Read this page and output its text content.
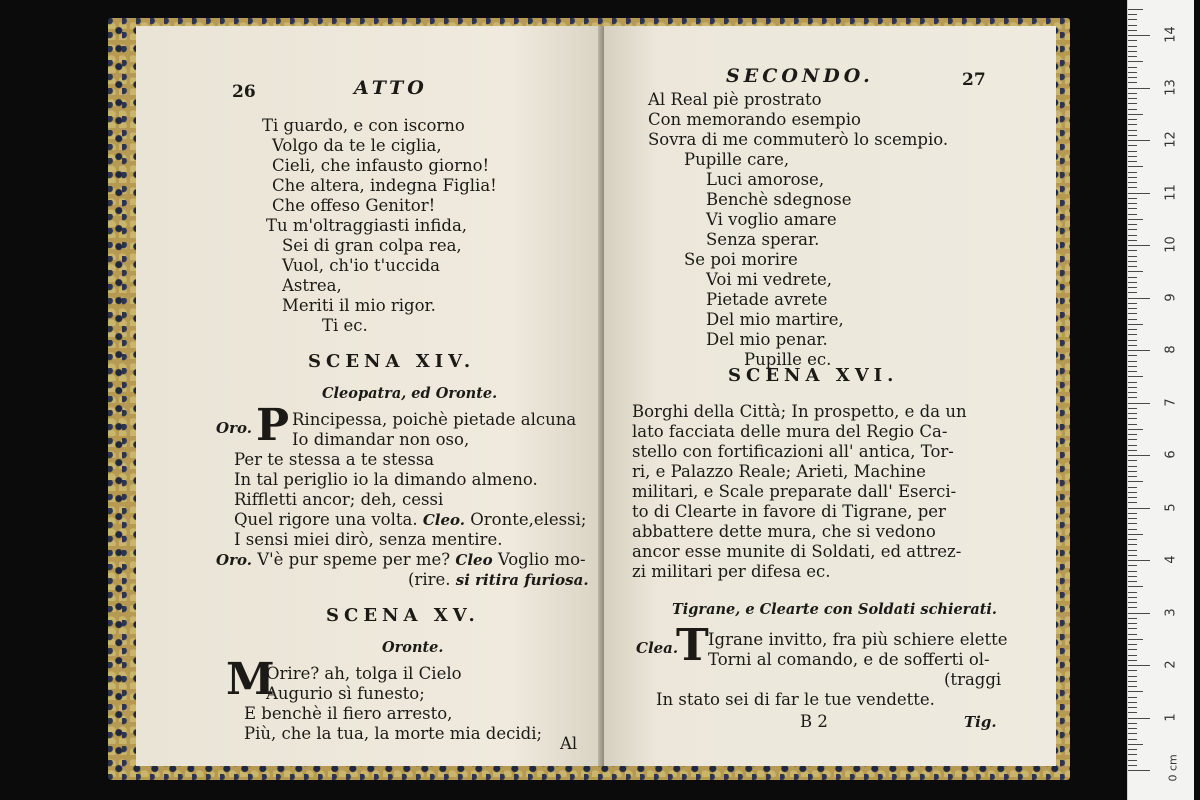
26	ATTO
Ti guardo, e con iscorno
Volgo da te le ciglia,
Cieli, che infausto giorno!
Che altera, indegna Figlia!
Che offeso Genitor!
Tu m'oltraggiasti infida,
Sei di gran colpa rea,
Vuol, ch'io t'uccida
Astrea,
Meriti il mio rigor.
Ti ec.
SCENA XIV.
Cleopatra, ed Oronte.
Oro. P Rincipessa, poichè pietade alcuna
Io dimandar non oso,
Per te stessa a te stessa
In tal periglio io la dimando almeno.
Riffletti ancor; deh, cessi
Quel rigore una volta. Cleo. Oronte,elessi;
I sensi miei dirò, senza mentire.
Oro. V'è pur speme per me? Cleo Voglio mo-
(rire. si ritira furiosa.
SCENA XV.
Oronte.
M
Orire? ah, tolga il Cielo
Augurio sì funesto;
E benchè il fiero arresto,
Più, che la tua, la morte mia decidi;
Al
SECONDO.	27
Al Real piè prostrato
Con memorando esempio
Sovra di me commuterò lo scempio.
Pupille care,
Luci amorose,
Benchè sdegnose
Vi voglio amare
Senza sperar.
Se poi morire
Voi mi vedrete,
Pietade avrete
Del mio martire,
Del mio penar.
Pupille ec.
SCENA XVI.
Borghi della Città; In prospetto, e da un
lato facciata delle mura del Regio Ca-
stello con fortificazioni all' antica, Tor-
ri, e Palazzo Reale; Arieti, Machine
militari, e Scale preparate dall' Eserci-
to di Clearte in favore di Tigrane, per
abbattere dette mura, che si vedono
ancor esse munite di Soldati, ed attrez-
zi militari per difesa ec.
Tigrane, e Clearte con Soldati schierati.
Clea.
T Igrane invitto, fra più schiere elette
Torni al comando, e de sofferti ol-
(traggi
In stato sei di far le tue vendette.
B 2	Tig.
0 cm
1
2
3
4
5
6
7
8
9
10
11
12
13
14
